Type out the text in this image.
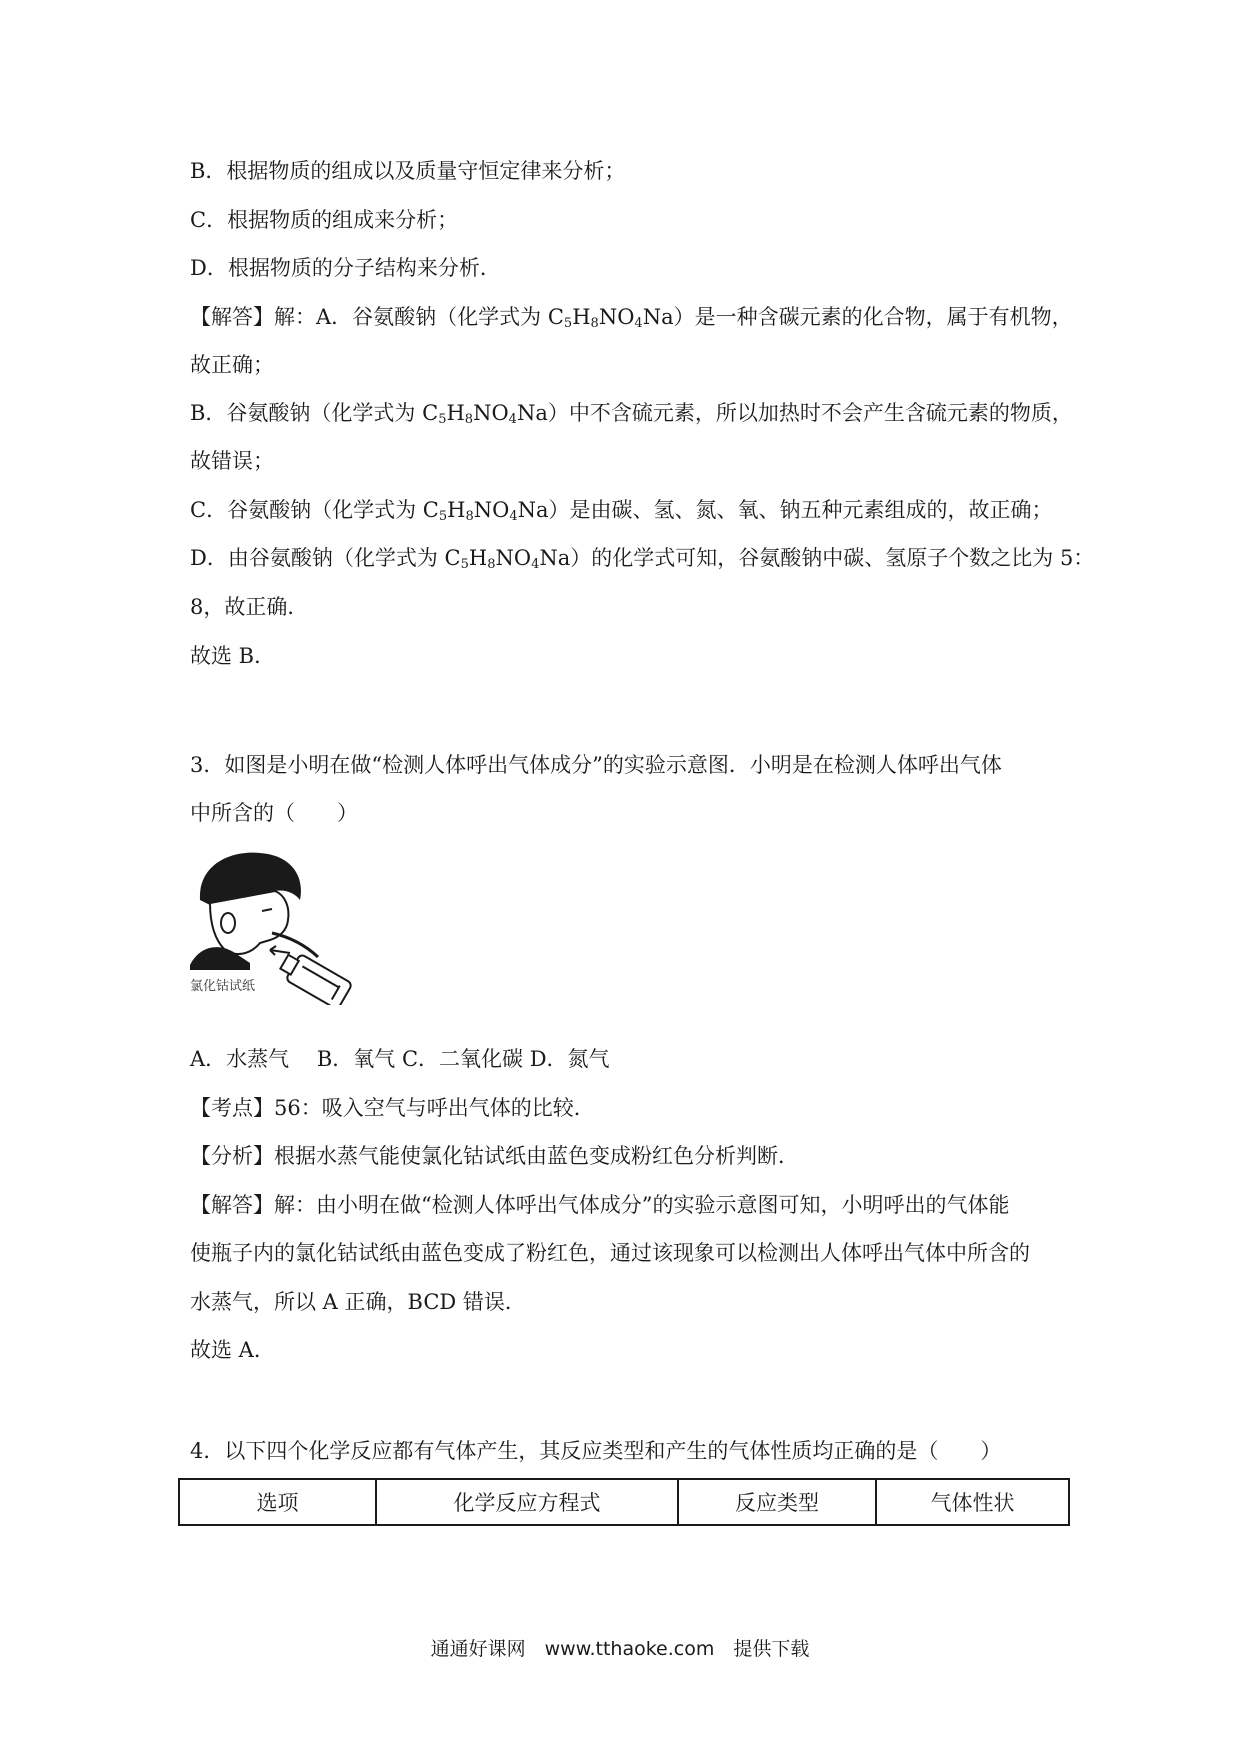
B．根据物质的组成以及质量守恒定律来分析；
C．根据物质的组成来分析；
D．根据物质的分子结构来分析．
【解答】解：A．谷氨酸钠（化学式为 $C_5H_8NO_4Na$）是一种含碳元素的化合物，属于有机物，
故正确；
B．谷氨酸钠（化学式为 $C_5H_8NO_4Na$）中不含硫元素，所以加热时不会产生含硫元素的物质，
故错误；
C．谷氨酸钠（化学式为 $C_5H_8NO_4Na$）是由碳、氢、氮、氧、钠五种元素组成的，故正确；
D．由谷氨酸钠（化学式为 $C_5H_8NO_4Na$）的化学式可知，谷氨酸钠中碳、氢原子个数之比为 5：
8，故正确．
故选 B．
3．如图是小明在做“检测人体呼出气体成分”的实验示意图．小明是在检测人体呼出气体
中所含的（　　）
氯化钴试纸
A．水蒸气　 B．氧气 C．二氧化碳 D．氮气
【考点】56：吸入空气与呼出气体的比较．
【分析】根据水蒸气能使氯化钴试纸由蓝色变成粉红色分析判断．
【解答】解：由小明在做“检测人体呼出气体成分”的实验示意图可知，小明呼出的气体能
使瓶子内的氯化钴试纸由蓝色变成了粉红色，通过该现象可以检测出人体呼出气体中所含的
水蒸气，所以 A 正确，BCD 错误．
故选 A．
4．以下四个化学反应都有气体产生，其反应类型和产生的气体性质均正确的是（　　）
选项	化学反应方程式	反应类型	气体性状
通通好课网　www.tthaoke.com　提供下载
